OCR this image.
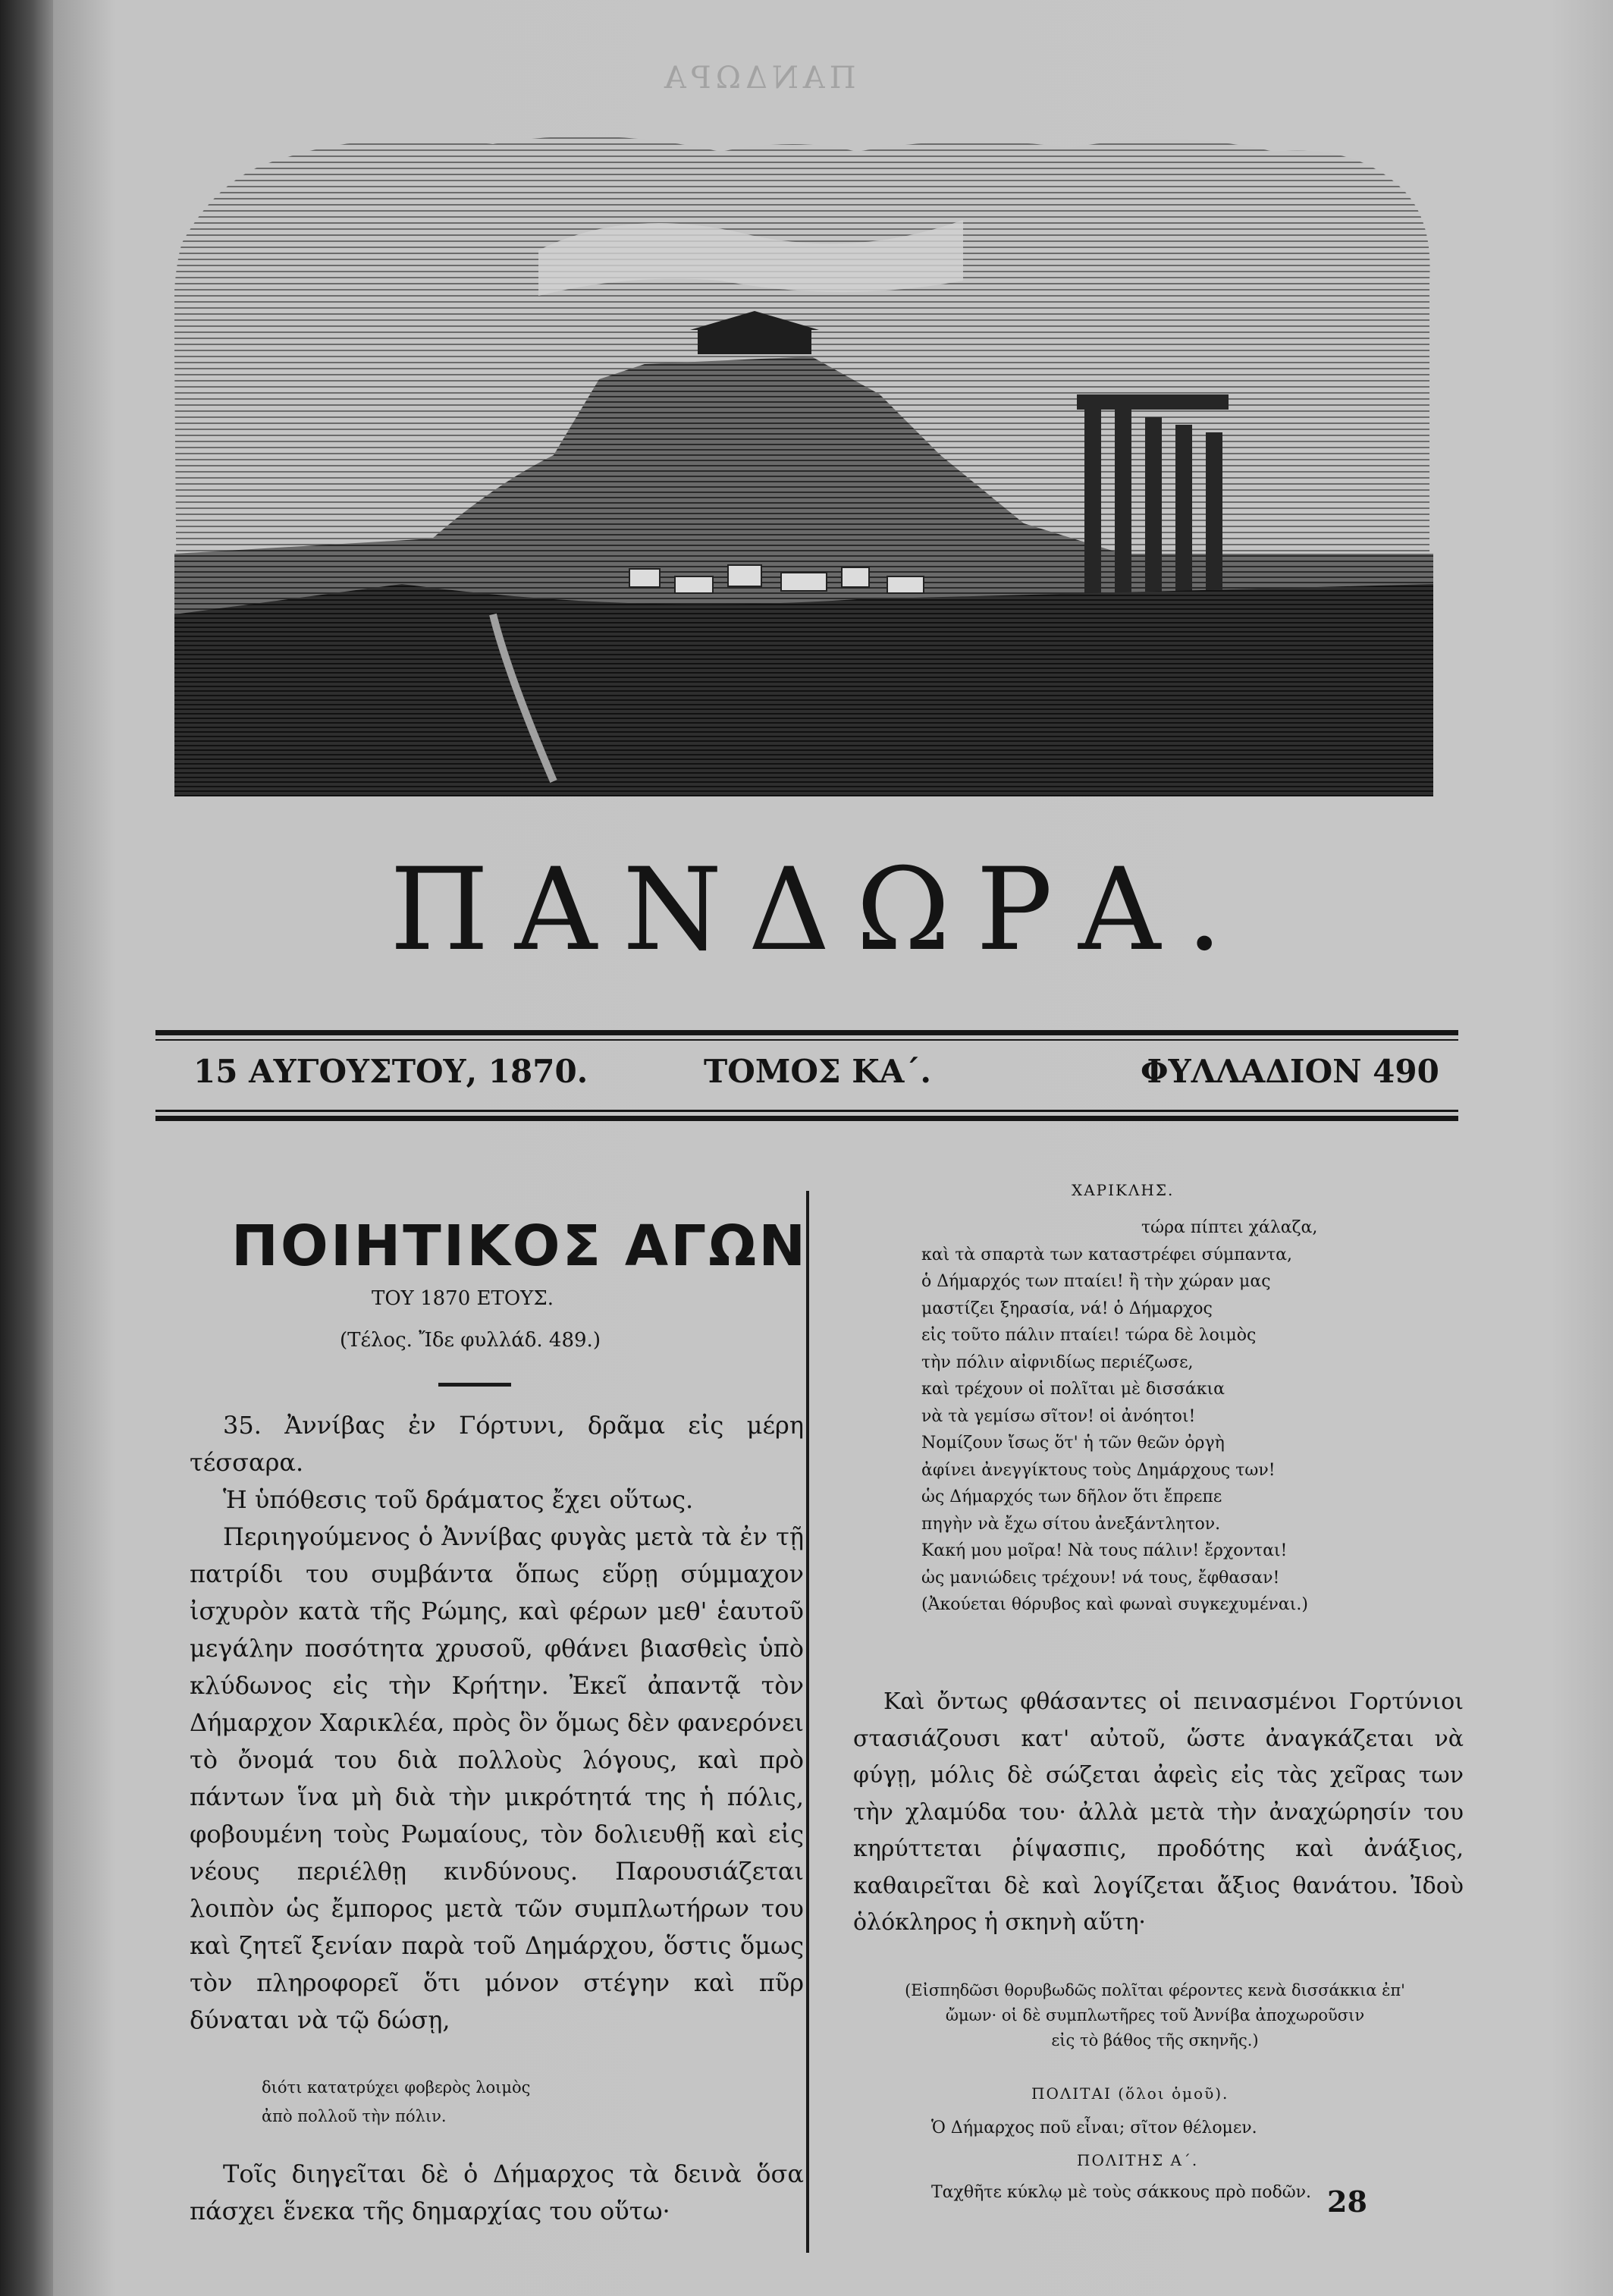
ΠΑΝΔΩΡΑ
ΠΑΝΔΩΡΑ.
15 ΑΥΓΟΥΣΤΟΥ, 1870.	ΤΟΜΟΣ ΚΑ΄.	ΦΥΛΛΑΔΙΟΝ 490
ΠΟΙΗΤΙΚΟΣ ΑΓΩΝ
ΤΟΥ 1870 ΕΤΟΥΣ.
(Τέλος. Ἴδε φυλλάδ. 489.)

35. Ἀννίβας ἐν Γόρτυνι, δρᾶμα εἰς μέρη τέσσαρα.

Ἡ ὑπόθεσις τοῦ δράματος ἔχει οὕτως.

Περιηγούμενος ὁ Ἀννίβας φυγὰς μετὰ τὰ ἐν τῇ πατρίδι του συμβάντα ὅπως εὕρῃ σύμμαχον ἰσχυρὸν κατὰ τῆς Ρώμης, καὶ φέρων μεθ' ἑαυτοῦ μεγάλην ποσότητα χρυσοῦ, φθάνει βιασθεὶς ὑπὸ κλύδωνος εἰς τὴν Κρήτην. Ἐκεῖ ἀπαντᾷ τὸν Δήμαρχον Χαρικλέα, πρὸς ὃν ὅμως δὲν φανερόνει τὸ ὄνομά του διὰ πολλοὺς λόγους, καὶ πρὸ πάντων ἵνα μὴ διὰ τὴν μικρότητά της ἡ πόλις, φοβουμένη τοὺς Ρωμαίους, τὸν δολιευθῇ καὶ εἰς νέους περιέλθῃ κινδύνους. Παρουσιάζεται λοιπὸν ὡς ἔμπορος μετὰ τῶν συμπλωτήρων του καὶ ζητεῖ ξενίαν παρὰ τοῦ Δημάρχου, ὅστις ὅμως τὸν πληροφορεῖ ὅτι μόνον στέγην καὶ πῦρ δύναται νὰ τῷ δώσῃ,

διότι κατατρύχει φοβερὸς λοιμὸς
ἀπὸ πολλοῦ τὴν πόλιν.

Τοῖς διηγεῖται δὲ ὁ Δήμαρχος τὰ δεινὰ ὅσα πάσχει ἕνεκα τῆς δημαρχίας του οὕτω·

ΧΑΡΙΚΛΗΣ.
τώρα πίπτει χάλαζα,
καὶ τὰ σπαρτὰ των καταστρέφει σύμπαντα,
ὁ Δήμαρχός των πταίει! ἢ τὴν χώραν μας
μαστίζει ξηρασία, νά! ὁ Δήμαρχος
εἰς τοῦτο πάλιν πταίει! τώρα δὲ λοιμὸς
τὴν πόλιν αἰφνιδίως περιέζωσε,
καὶ τρέχουν οἱ πολῖται μὲ δισσάκια
νὰ τὰ γεμίσω σῖτον! οἱ ἀνόητοι!
Νομίζουν ἴσως ὅτ' ἡ τῶν θεῶν ὀργὴ
ἀφίνει ἀνεγγίκτους τοὺς Δημάρχους των!
ὡς Δήμαρχός των δῆλον ὅτι ἔπρεπε
πηγὴν νὰ ἔχω σίτου ἀνεξάντλητον.
Κακή μου μοῖρα! Νὰ τους πάλιν! ἔρχονται!
ὡς μανιώδεις τρέχουν! νά τους, ἔφθασαν!
(Ἀκούεται θόρυβος καὶ φωναὶ συγκεχυμέναι.)

Καὶ ὄντως φθάσαντες οἱ πεινασμένοι Γορτύνιοι στασιάζουσι κατ' αὐτοῦ, ὥστε ἀναγκάζεται νὰ φύγῃ, μόλις δὲ σώζεται ἀφεὶς εἰς τὰς χεῖρας των τὴν χλαμύδα του· ἀλλὰ μετὰ τὴν ἀναχώρησίν του κηρύττεται ῥίψασπις, προδότης καὶ ἀνάξιος, καθαιρεῖται δὲ καὶ λογίζεται ἄξιος θανάτου. Ἰδοὺ ὁλόκληρος ἡ σκηνὴ αὕτη·

(Εἰσπηδῶσι θορυβωδῶς πολῖται φέροντες κενὰ δισσάκκια ἐπ'
ὤμων· οἱ δὲ συμπλωτῆρες τοῦ Ἀννίβα ἀποχωροῦσιν
εἰς τὸ βάθος τῆς σκηνῆς.)
ΠΟΛΙΤΑΙ (ὅλοι ὁμοῦ).
Ὁ Δήμαρχος ποῦ εἶναι; σῖτον θέλομεν.
ΠΟΛΙΤΗΣ Α΄.
Ταχθῆτε κύκλῳ μὲ τοὺς σάκκους πρὸ ποδῶν. 28
